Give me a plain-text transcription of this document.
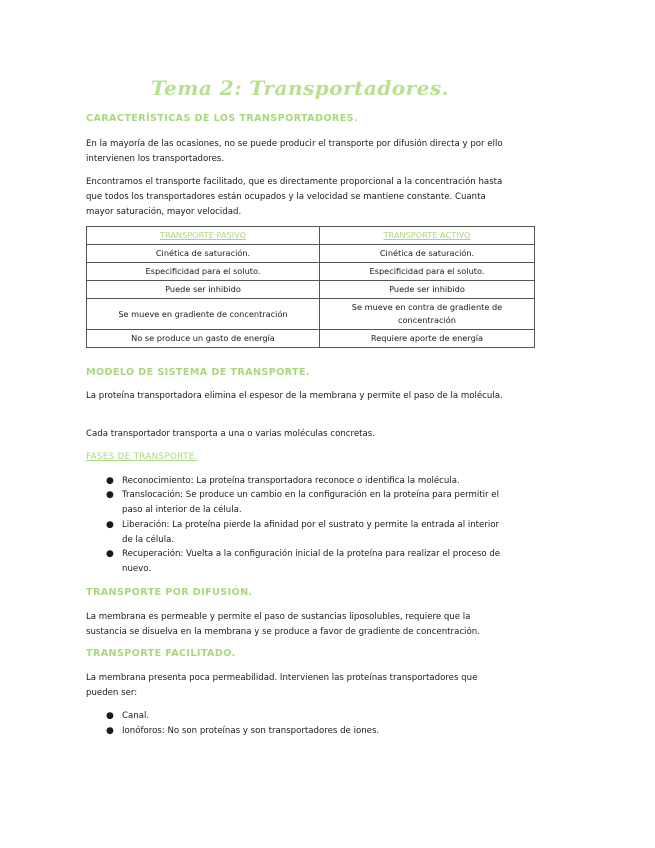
Tema 2: Transportadores.
CARACTERÍSTICAS DE LOS TRANSPORTADORES.
En la mayoría de las ocasiones, no se puede producir el transporte por difusión directa y por ello intervienen los transportadores.
Encontramos el transporte facilitado, que es directamente proporcional a la concentración hasta que todos los transportadores están ocupados y la velocidad se mantiene constante. Cuanta mayor saturación, mayor velocidad.
TRANSPORTE PASIVO	TRANSPORTE ACTIVO
Cinética de saturación.	Cinética de saturación.
Especificidad para el soluto.	Especificidad para el soluto.
Puede ser inhibido	Puede ser inhibido
Se mueve en gradiente de concentración	Se mueve en contra de gradiente de concentración
No se produce un gasto de energía	Requiere aporte de energía
MODELO DE SISTEMA DE TRANSPORTE.
La proteína transportadora elimina el espesor de la membrana y permite el paso de la molécula.
Cada transportador transporta a una o varias moléculas concretas.
FASES DE TRANSPORTE.
● Reconocimiento: La proteína transportadora reconoce o identifica la molécula.
● Translocación: Se produce un cambio en la configuración en la proteína para permitir el paso al interior de la célula.
● Liberación: La proteína pierde la afinidad por el sustrato y permite la entrada al interior de la célula.
● Recuperación: Vuelta a la configuración inicial de la proteína para realizar el proceso de nuevo.
TRANSPORTE POR DIFUSIÓN.
La membrana es permeable y permite el paso de sustancias liposolubles, requiere que la sustancia se disuelva en la membrana y se produce a favor de gradiente de concentración.
TRANSPORTE FACILITADO.
La membrana presenta poca permeabilidad. Intervienen las proteínas transportadores que pueden ser:
● Canal.
● Ionóforos: No son proteínas y son transportadores de iones.
